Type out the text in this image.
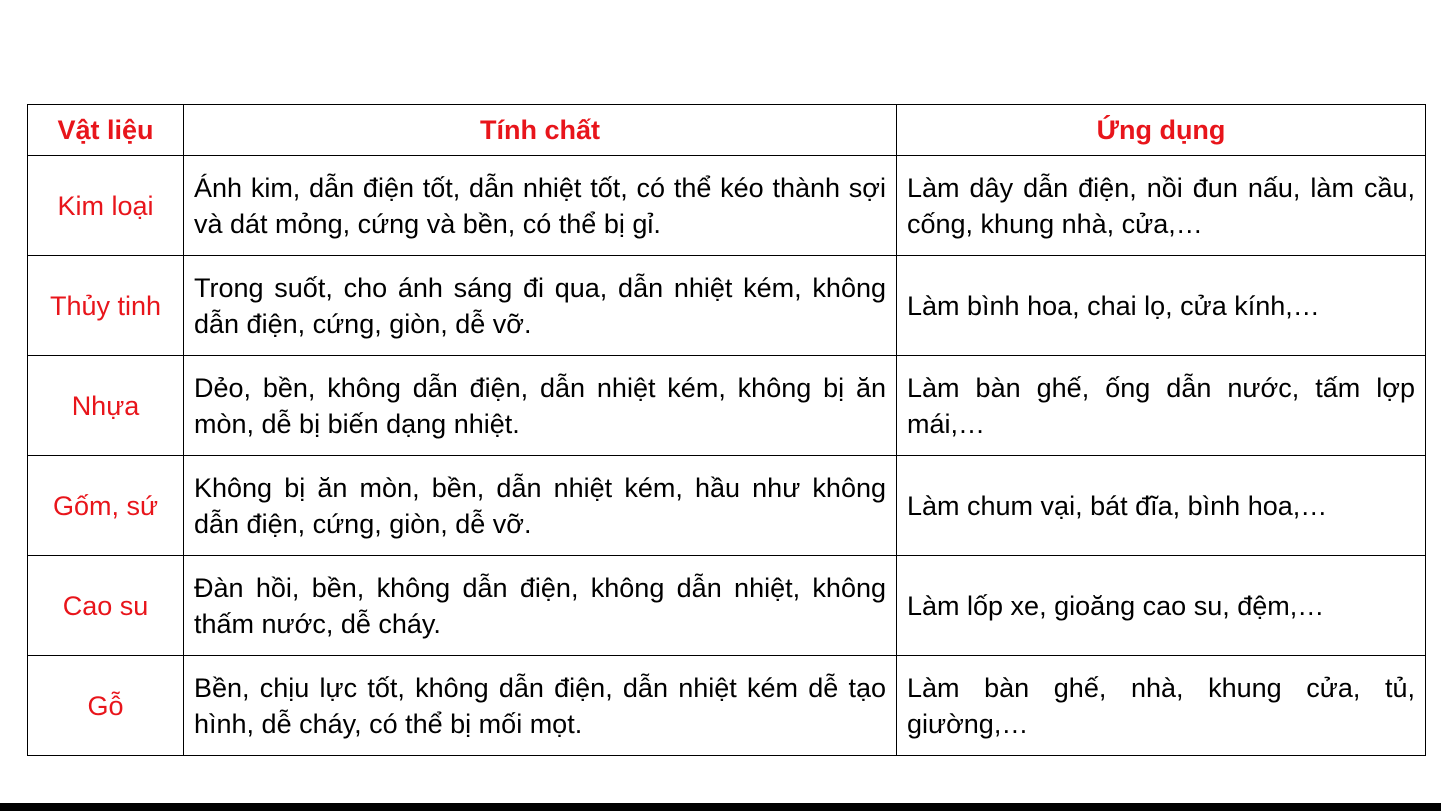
Vật liệu	Tính chất	Ứng dụng
Kim loại	Ánh kim, dẫn điện tốt, dẫn nhiệt tốt, có thể kéo thành sợi và dát mỏng, cứng và bền, có thể bị gỉ.	Làm dây dẫn điện, nồi đun nấu, làm cầu, cống, khung nhà, cửa,…
Thủy tinh	Trong suốt, cho ánh sáng đi qua, dẫn nhiệt kém, không dẫn điện, cứng, giòn, dễ vỡ.	Làm bình hoa, chai lọ, cửa kính,…
Nhựa	Dẻo, bền, không dẫn điện, dẫn nhiệt kém, không bị ăn mòn, dễ bị biến dạng nhiệt.	Làm bàn ghế, ống dẫn nước, tấm lợp mái,…
Gốm, sứ	Không bị ăn mòn, bền, dẫn nhiệt kém, hầu như không dẫn điện, cứng, giòn, dễ vỡ.	Làm chum vại, bát đĩa, bình hoa,…
Cao su	Đàn hồi, bền, không dẫn điện, không dẫn nhiệt, không thấm nước, dễ cháy.	Làm lốp xe, gioăng cao su, đệm,…
Gỗ	Bền, chịu lực tốt, không dẫn điện, dẫn nhiệt kém dễ tạo hình, dễ cháy, có thể bị mối mọt.	Làm bàn ghế, nhà, khung cửa, tủ, giường,…
